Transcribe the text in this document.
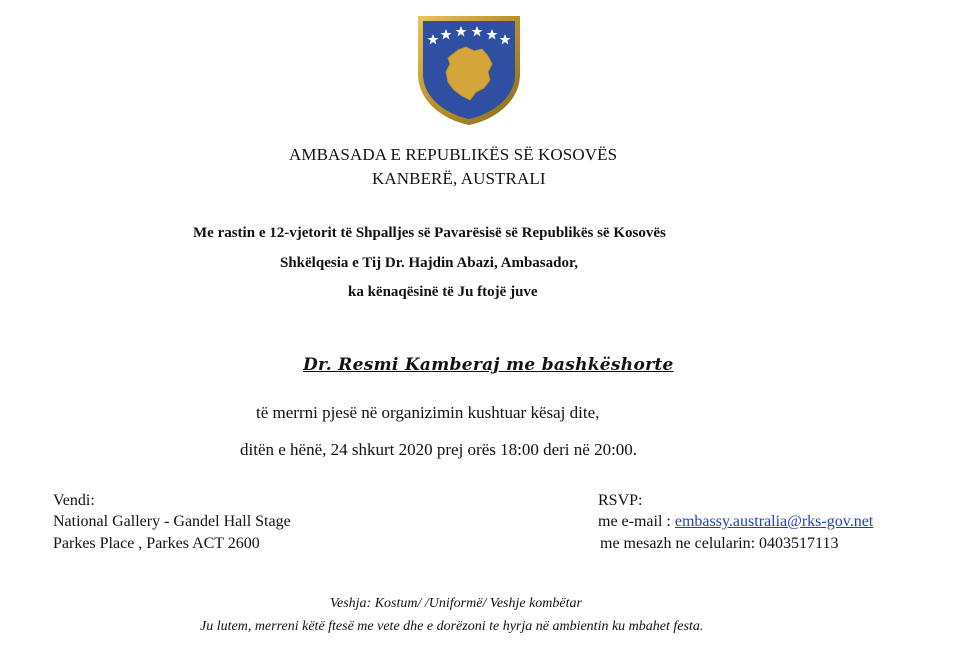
AMBASADA E REPUBLIKËS SË KOSOVËS
KANBERË, AUSTRALI
Me rastin e 12-vjetorit të Shpalljes së Pavarësisë së Republikës së Kosovës
Shkëlqesia e Tij Dr. Hajdin Abazi, Ambasador,
ka kënaqësinë të Ju ftojë juve
Dr. Resmi Kamberaj me bashkëshorte
të merrni pjesë në organizimin kushtuar kësaj dite,
ditën e hënë, 24 shkurt 2020 prej orës 18:00 deri në 20:00.
Vendi:
National Gallery - Gandel Hall Stage
Parkes Place , Parkes ACT 2600
RSVP:
me e-mail : embassy.australia@rks-gov.net
me mesazh ne celularin: 0403517113
Veshja: Kostum/ /Uniformë/ Veshje kombëtar
Ju lutem, merreni këtë ftesë me vete dhe e dorëzoni te hyrja në ambientin ku mbahet festa.
